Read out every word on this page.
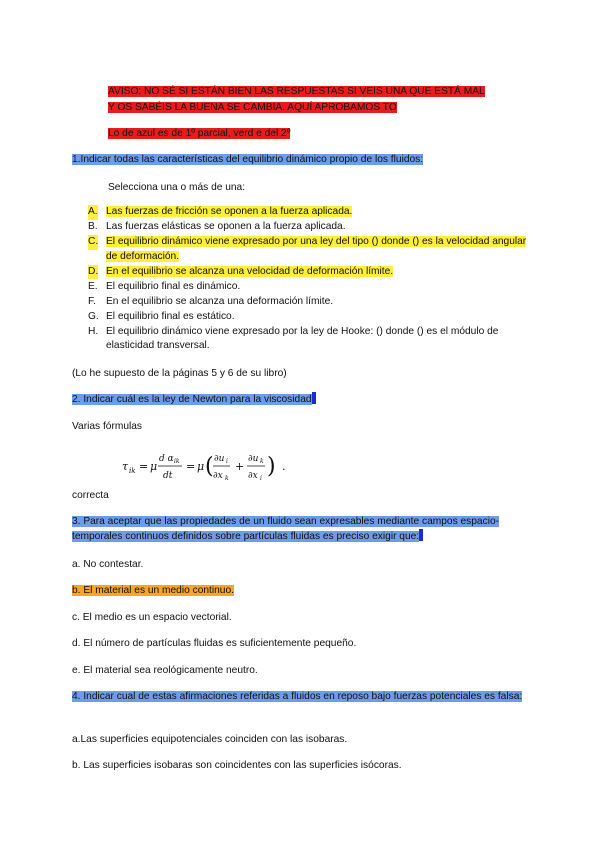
AVISO: NO SÉ SI ESTÁN BIEN LAS RESPUESTAS SI VEIS UNA QUE ESTÁ MAL
Y OS SABÉIS LA BUENA SE CAMBIA. AQUÍ APROBAMOS TO
Lo de azul es de 1º parcial, verd e del 2º
1.Indicar todas las características del equilibrio dinámico propio de los fluidos:
Selecciona una o más de una:
A. Las fuerzas de fricción se oponen a la fuerza aplicada.
B. Las fuerzas elásticas se oponen a la fuerza aplicada.
C. El equilibrio dinámico viene expresado por una ley del tipo () donde () es la velocidad angular de deformación.
D. En el equilibrio se alcanza una velocidad de deformación límite.
E. El equilibrio final es dinámico.
F. En el equilibrio se alcanza una deformación límite.
G. El equilibrio final es estático.
H. El equilibrio dinámico viene expresado por la ley de Hooke: () donde () es el módulo de elasticidad transversal.
(Lo he supuesto de la páginas 5 y 6 de su libro)
2. Indicar cuál es la ley de Newton para la viscosidad
Varias fórmulas
τ ik = μ
d α ik
dt
= μ ( ∂u i
∂x k
+
∂u k
∂x i ) .
correcta
3. Para aceptar que las propiedades de un fluido sean expresables mediante campos espacio-temporales continuos definidos sobre partículas fluidas es preciso exigir que:
a. No contestar.
b. El material es un medio continuo.
c. El medio es un espacio vectorial.
d. El número de partículas fluidas es suficientemente pequeño.
e. El material sea reológicamente neutro.
4. Indicar cual de estas afirmaciones referidas a fluidos en reposo bajo fuerzas potenciales es falsa:
a.Las superficies equipotenciales coinciden con las isobaras.
b. Las superficies isobaras son coincidentes con las superficies isócoras.
